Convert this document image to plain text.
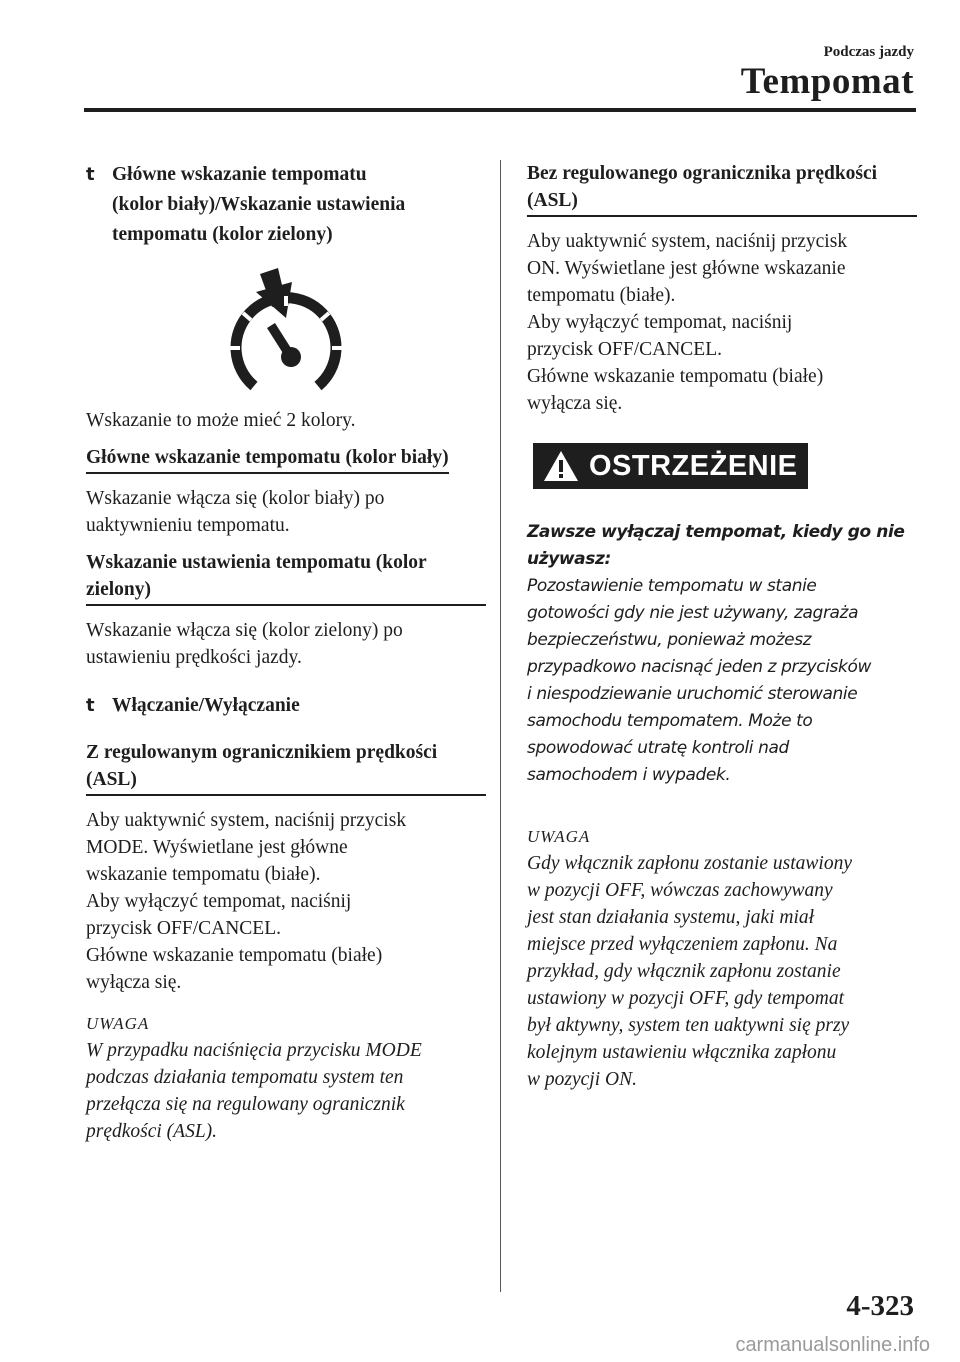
Podczas jazdy
Tempomat
t Główne wskazanie tempomatu
(kolor biały)/Wskazanie ustawienia
tempomatu (kolor zielony)

Wskazanie to może mieć 2 kolory.

Główne wskazanie tempomatu (kolor biały)

Wskazanie włącza się (kolor biały) po
uaktywnieniu tempomatu.

Wskazanie ustawienia tempomatu (kolor zielony)

Wskazanie włącza się (kolor zielony) po
ustawieniu prędkości jazdy.

t Włączanie/Wyłączanie
Z regulowanym ogranicznikiem prędkości (ASL)

Aby uaktywnić system, naciśnij przycisk
MODE. Wyświetlane jest główne
wskazanie tempomatu (białe).
Aby wyłączyć tempomat, naciśnij
przycisk OFF/CANCEL.
Główne wskazanie tempomatu (białe)
wyłącza się.

UWAGA

W przypadku naciśnięcia przycisku MODE
podczas działania tempomatu system ten
przełącza się na regulowany ogranicznik
prędkości (ASL).

Bez regulowanego ogranicznika prędkości (ASL)

Aby uaktywnić system, naciśnij przycisk
ON. Wyświetlane jest główne wskazanie
tempomatu (białe).
Aby wyłączyć tempomat, naciśnij
przycisk OFF/CANCEL.
Główne wskazanie tempomatu (białe)
wyłącza się.

OSTRZEŻENIE

Zawsze wyłączaj tempomat, kiedy go nie
używasz:

Pozostawienie tempomatu w stanie
gotowości gdy nie jest używany, zagraża
bezpieczeństwu, ponieważ możesz
przypadkowo nacisnąć jeden z przycisków
i niespodziewanie uruchomić sterowanie
samochodu tempomatem. Może to
spowodować utratę kontroli nad
samochodem i wypadek.

UWAGA

Gdy włącznik zapłonu zostanie ustawiony
w pozycji OFF, wówczas zachowywany
jest stan działania systemu, jaki miał
miejsce przed wyłączeniem zapłonu. Na
przykład, gdy włącznik zapłonu zostanie
ustawiony w pozycji OFF, gdy tempomat
był aktywny, system ten uaktywni się przy
kolejnym ustawieniu włącznika zapłonu
w pozycji ON.

4-323
carmanualsonline.info
